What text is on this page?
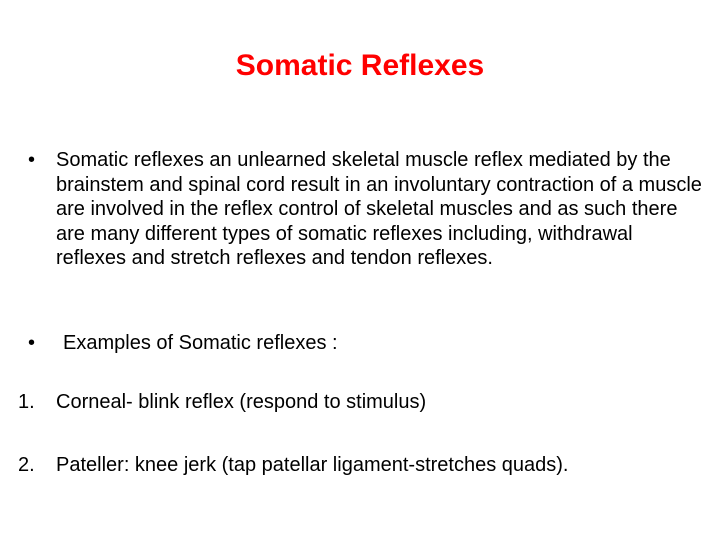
Somatic Reflexes
• Somatic reflexes an unlearned skeletal muscle reflex mediated by the brainstem and spinal cord result in an involuntary contraction of a muscle are involved in the reflex control of skeletal muscles and as such there are many different types of somatic reflexes including, withdrawal reflexes and stretch reflexes and tendon reflexes.
• Examples of Somatic reflexes :
1. Corneal- blink reflex (respond to stimulus)
2. Pateller: knee jerk (tap patellar ligament-stretches quads).
